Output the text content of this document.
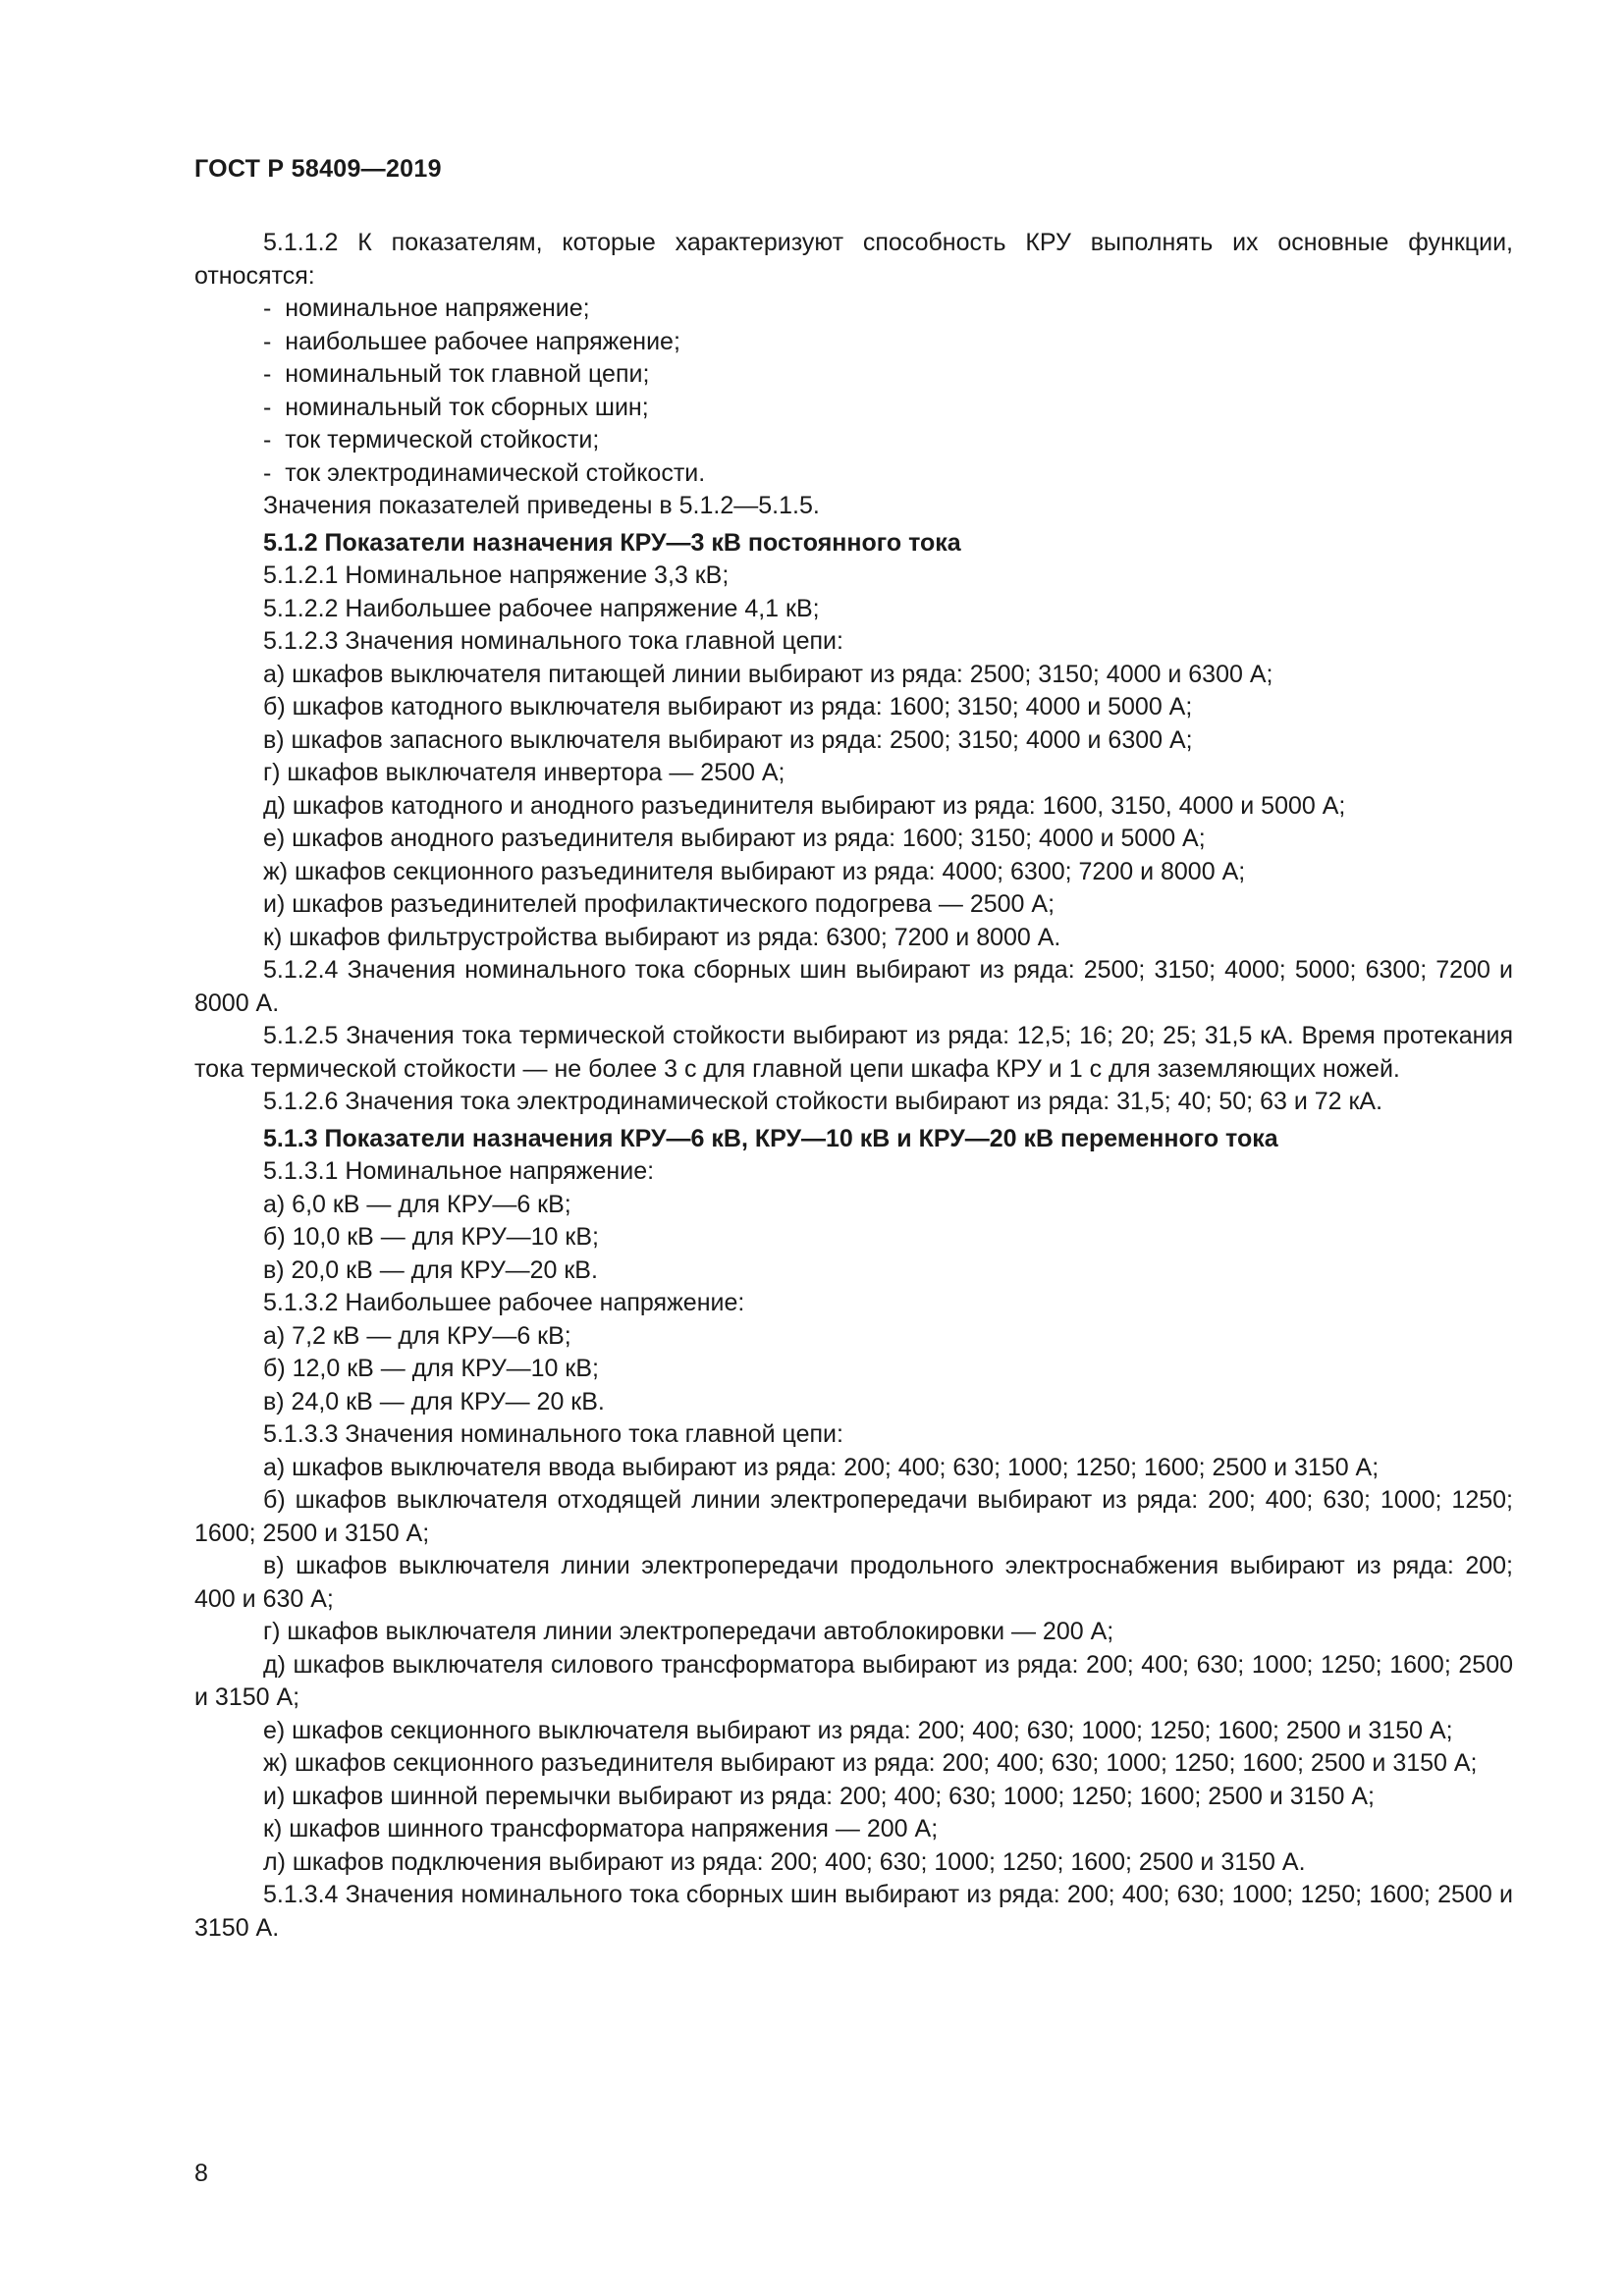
ГОСТ Р 58409—2019

5.1.1.2 К показателям, которые характеризуют способность КРУ выполнять их основные функции, относятся:

-  номинальное напряжение;

-  наибольшее рабочее напряжение;

-  номинальный ток главной цепи;

-  номинальный ток сборных шин;

-  ток термической стойкости;

-  ток электродинамической стойкости.

Значения показателей приведены в 5.1.2—5.1.5.

5.1.2 Показатели назначения КРУ—3 кВ постоянного тока

5.1.2.1 Номинальное напряжение 3,3 кВ;

5.1.2.2 Наибольшее рабочее напряжение 4,1 кВ;

5.1.2.3 Значения номинального тока главной цепи:

а) шкафов выключателя питающей линии выбирают из ряда: 2500; 3150; 4000 и 6300 А;

б) шкафов катодного выключателя выбирают из ряда: 1600; 3150; 4000 и 5000 А;

в) шкафов запасного выключателя выбирают из ряда: 2500; 3150; 4000 и 6300 А;

г) шкафов выключателя инвертора — 2500 А;

д) шкафов катодного и анодного разъединителя выбирают из ряда: 1600, 3150, 4000 и 5000 А;

е) шкафов анодного разъединителя выбирают из ряда: 1600; 3150; 4000 и 5000 А;

ж) шкафов секционного разъединителя выбирают из ряда: 4000; 6300; 7200 и 8000 А;

и) шкафов разъединителей профилактического подогрева — 2500 А;

к) шкафов фильтрустройства выбирают из ряда: 6300; 7200 и 8000 А.

5.1.2.4 Значения номинального тока сборных шин выбирают из ряда: 2500; 3150; 4000; 5000; 6300; 7200 и 8000 А.

5.1.2.5 Значения тока термической стойкости выбирают из ряда: 12,5; 16; 20; 25; 31,5 кА. Время протекания тока термической стойкости — не более 3 с для главной цепи шкафа КРУ и 1 с для заземляющих ножей.

5.1.2.6 Значения тока электродинамической стойкости выбирают из ряда: 31,5; 40; 50; 63 и 72 кА.

5.1.3 Показатели назначения КРУ—6 кВ, КРУ—10 кВ и КРУ—20 кВ переменного тока

5.1.3.1 Номинальное напряжение:

а) 6,0 кВ — для КРУ—6 кВ;

б) 10,0 кВ — для КРУ—10 кВ;

в) 20,0 кВ — для КРУ—20 кВ.

5.1.3.2 Наибольшее рабочее напряжение:

а) 7,2 кВ — для КРУ—6 кВ;

б) 12,0 кВ — для КРУ—10 кВ;

в) 24,0 кВ — для КРУ— 20 кВ.

5.1.3.3 Значения номинального тока главной цепи:

а) шкафов выключателя ввода выбирают из ряда: 200; 400; 630; 1000; 1250; 1600; 2500 и 3150 А;

б) шкафов выключателя отходящей линии электропередачи выбирают из ряда: 200; 400; 630; 1000; 1250; 1600; 2500 и 3150 А;

в) шкафов выключателя линии электропередачи продольного электроснабжения выбирают из ряда: 200; 400 и 630 А;

г) шкафов выключателя линии электропередачи автоблокировки — 200 А;

д) шкафов выключателя силового трансформатора выбирают из ряда: 200; 400; 630; 1000; 1250; 1600; 2500 и 3150 А;

е) шкафов секционного выключателя выбирают из ряда: 200; 400; 630; 1000; 1250; 1600; 2500 и 3150 А;

ж) шкафов секционного разъединителя выбирают из ряда: 200; 400; 630; 1000; 1250; 1600; 2500 и 3150 А;

и) шкафов шинной перемычки выбирают из ряда: 200; 400; 630; 1000; 1250; 1600; 2500 и 3150 А;

к) шкафов шинного трансформатора напряжения — 200 А;

л) шкафов подключения выбирают из ряда: 200; 400; 630; 1000; 1250; 1600; 2500 и 3150 А.

5.1.3.4 Значения номинального тока сборных шин выбирают из ряда: 200; 400; 630; 1000; 1250; 1600; 2500 и 3150 А.

8
